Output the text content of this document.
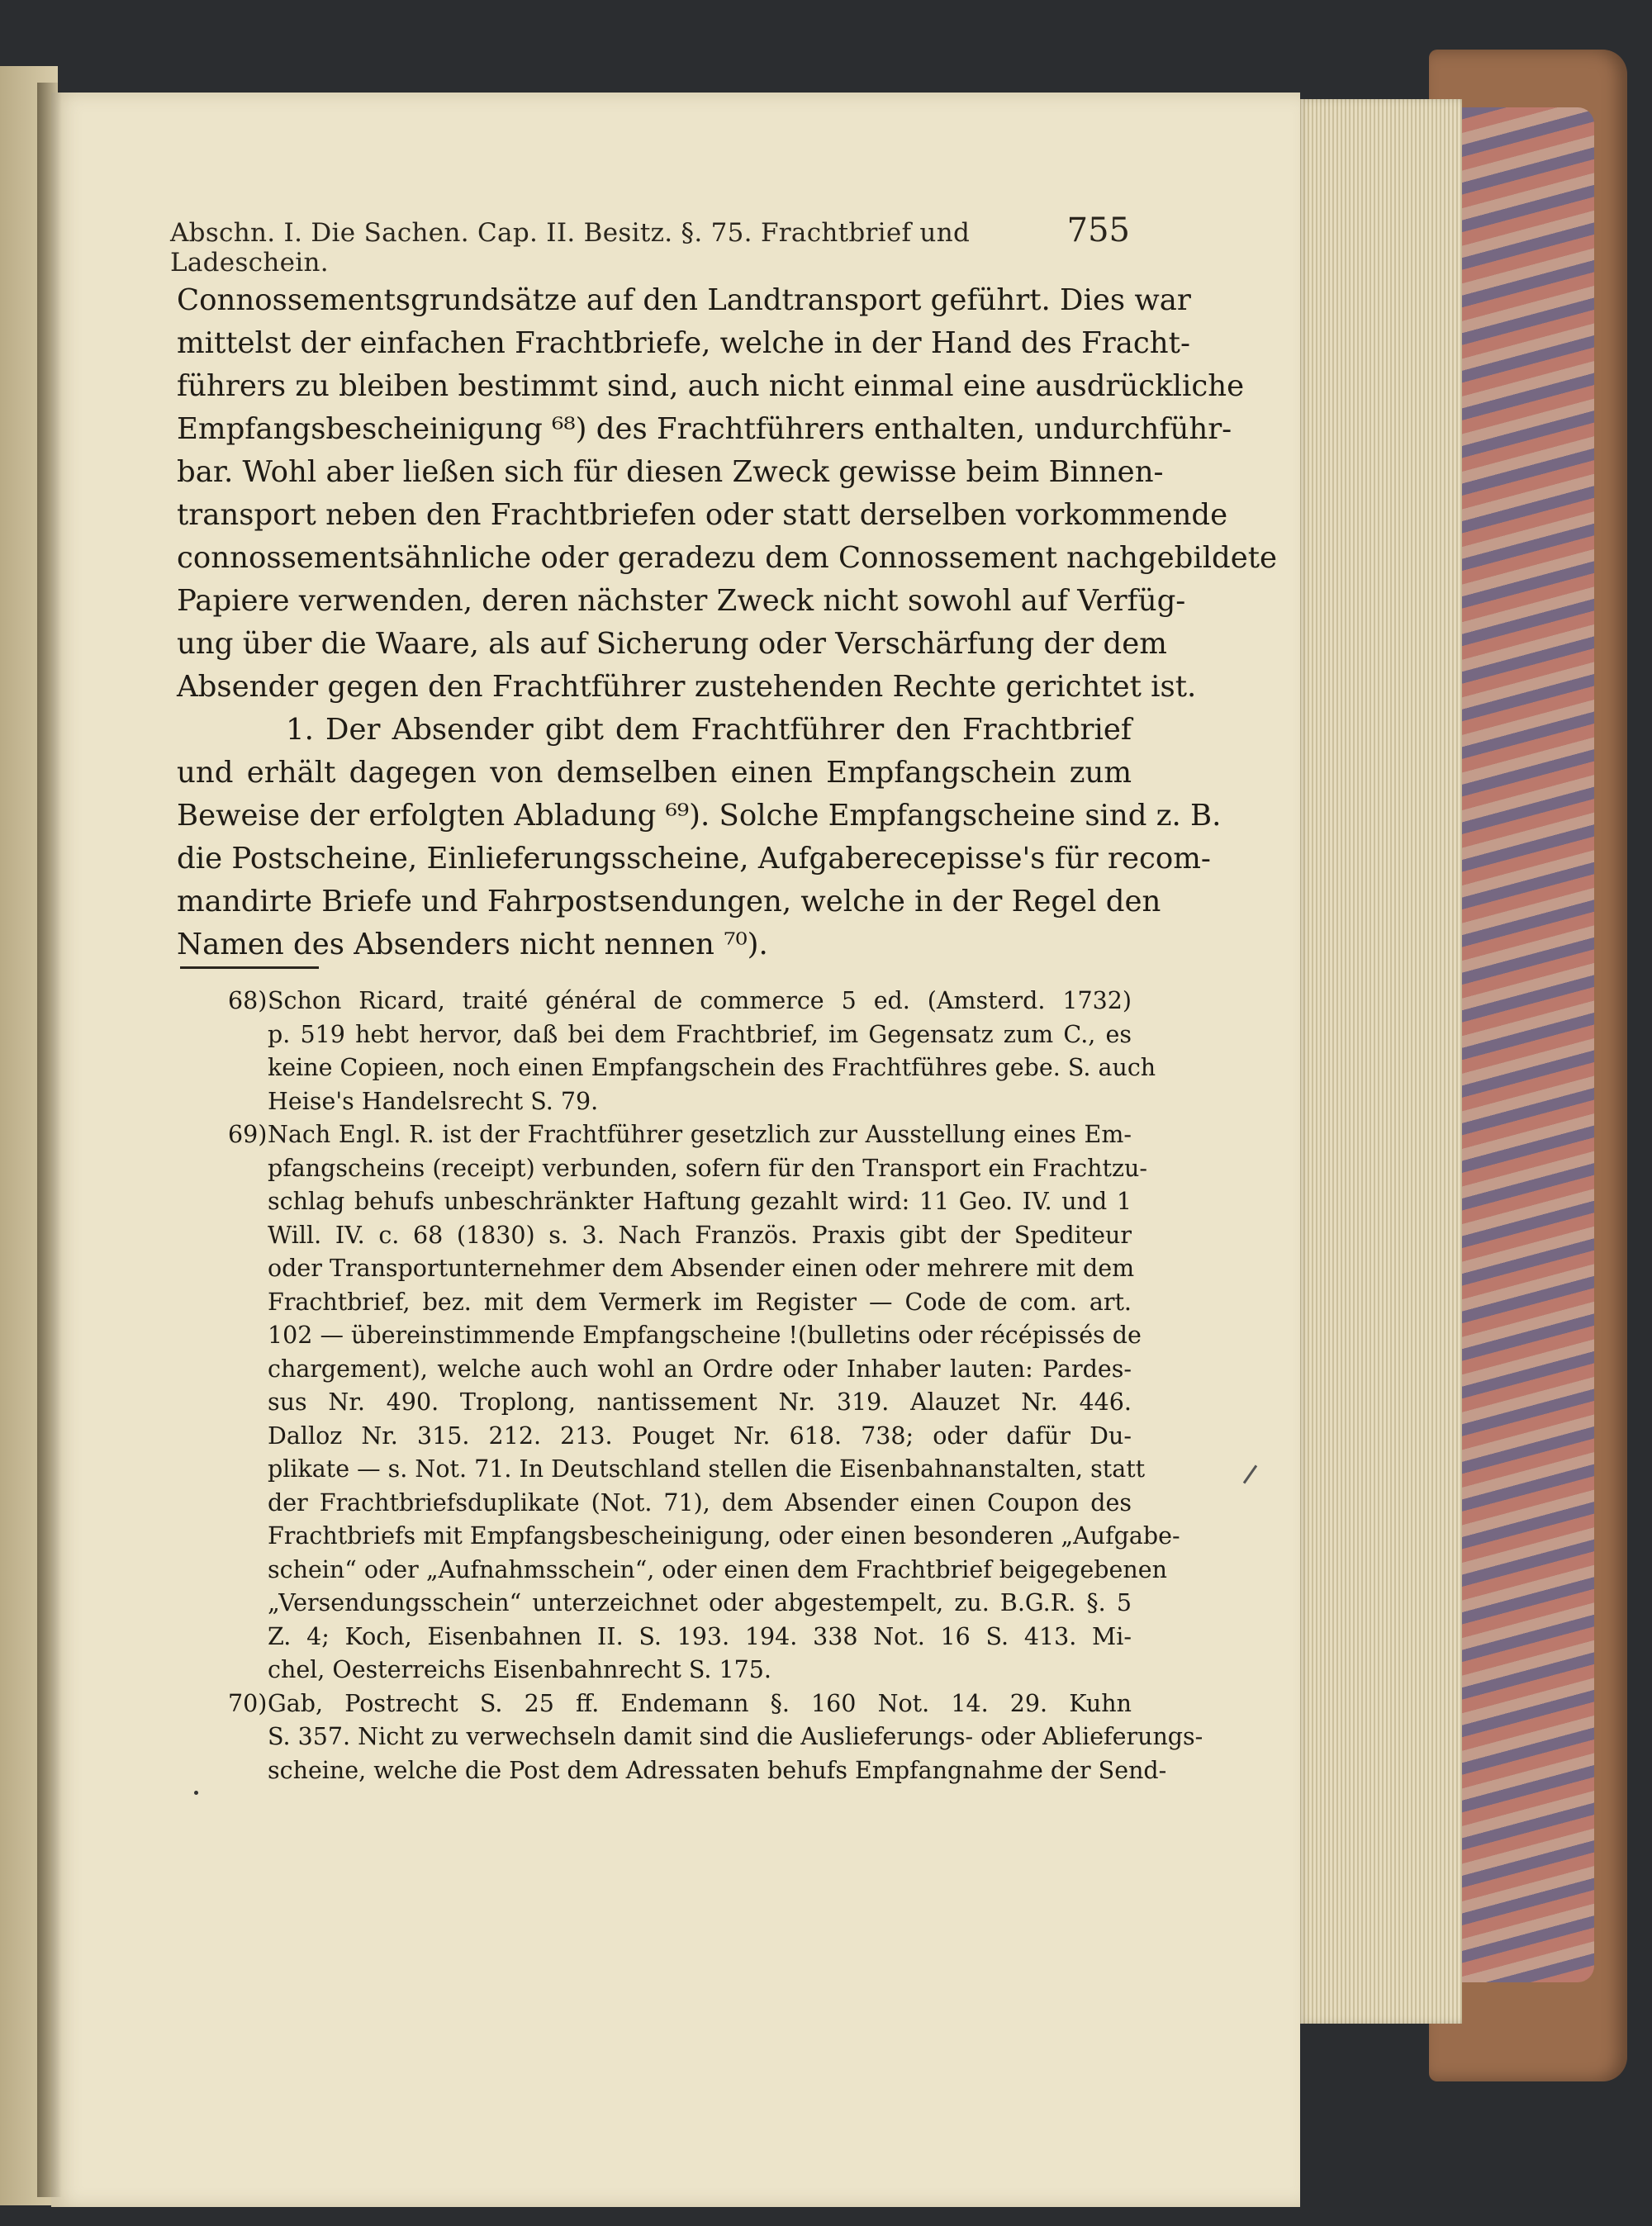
Abschn. I. Die Sachen. Cap. II. Besitz. §. 75. Frachtbrief und Ladeschein.
755
Connossementsgrundsätze auf den Landtransport geführt. Dies war
mittelst der einfachen Frachtbriefe, welche in der Hand des Fracht-
führers zu bleiben bestimmt sind, auch nicht einmal eine ausdrückliche
Empfangsbescheinigung ⁶⁸) des Frachtführers enthalten, undurchführ-
bar. Wohl aber ließen sich für diesen Zweck gewisse beim Binnen-
transport neben den Frachtbriefen oder statt derselben vorkommende
connossementsähnliche oder geradezu dem Connossement nachgebildete
Papiere verwenden, deren nächster Zweck nicht sowohl auf Verfüg-
ung über die Waare, als auf Sicherung oder Verschärfung der dem
Absender gegen den Frachtführer zustehenden Rechte gerichtet ist.
1. Der Absender gibt dem Frachtführer den Frachtbrief
und erhält dagegen von demselben einen Empfangschein zum
Beweise der erfolgten Abladung ⁶⁹). Solche Empfangscheine sind z. B.
die Postscheine, Einlieferungsscheine, Aufgaberecepisse's für recom-
mandirte Briefe und Fahrpostsendungen, welche in der Regel den
Namen des Absenders nicht nennen ⁷⁰).
68) Schon Ricard, traité général de commerce 5 ed. (Amsterd. 1732)
p. 519 hebt hervor, daß bei dem Frachtbrief, im Gegensatz zum C., es
keine Copieen, noch einen Empfangschein des Frachtführes gebe. S. auch
Heise's Handelsrecht S. 79.
69) Nach Engl. R. ist der Frachtführer gesetzlich zur Ausstellung eines Em-
pfangscheins (receipt) verbunden, sofern für den Transport ein Frachtzu-
schlag behufs unbeschränkter Haftung gezahlt wird: 11 Geo. IV. und 1
Will. IV. c. 68 (1830) s. 3. Nach Französ. Praxis gibt der Spediteur
oder Transportunternehmer dem Absender einen oder mehrere mit dem
Frachtbrief, bez. mit dem Vermerk im Register — Code de com. art.
102 — übereinstimmende Empfangscheine !(bulletins oder récépissés de
chargement), welche auch wohl an Ordre oder Inhaber lauten: Pardes-
sus Nr. 490. Troplong, nantissement Nr. 319. Alauzet Nr. 446.
Dalloz Nr. 315. 212. 213. Pouget Nr. 618. 738; oder dafür Du-
plikate — s. Not. 71. In Deutschland stellen die Eisenbahnanstalten, statt
der Frachtbriefsduplikate (Not. 71), dem Absender einen Coupon des
Frachtbriefs mit Empfangsbescheinigung, oder einen besonderen „Aufgabe-
schein“ oder „Aufnahmsschein“, oder einen dem Frachtbrief beigegebenen
„Versendungsschein“ unterzeichnet oder abgestempelt, zu. B.G.R. §. 5
Z. 4; Koch, Eisenbahnen II. S. 193. 194. 338 Not. 16 S. 413. Mi-
chel, Oesterreichs Eisenbahnrecht S. 175.
70) Gab, Postrecht S. 25 ff. Endemann §. 160 Not. 14. 29. Kuhn
S. 357. Nicht zu verwechseln damit sind die Auslieferungs- oder Ablieferungs-
scheine, welche die Post dem Adressaten behufs Empfangnahme der Send-
